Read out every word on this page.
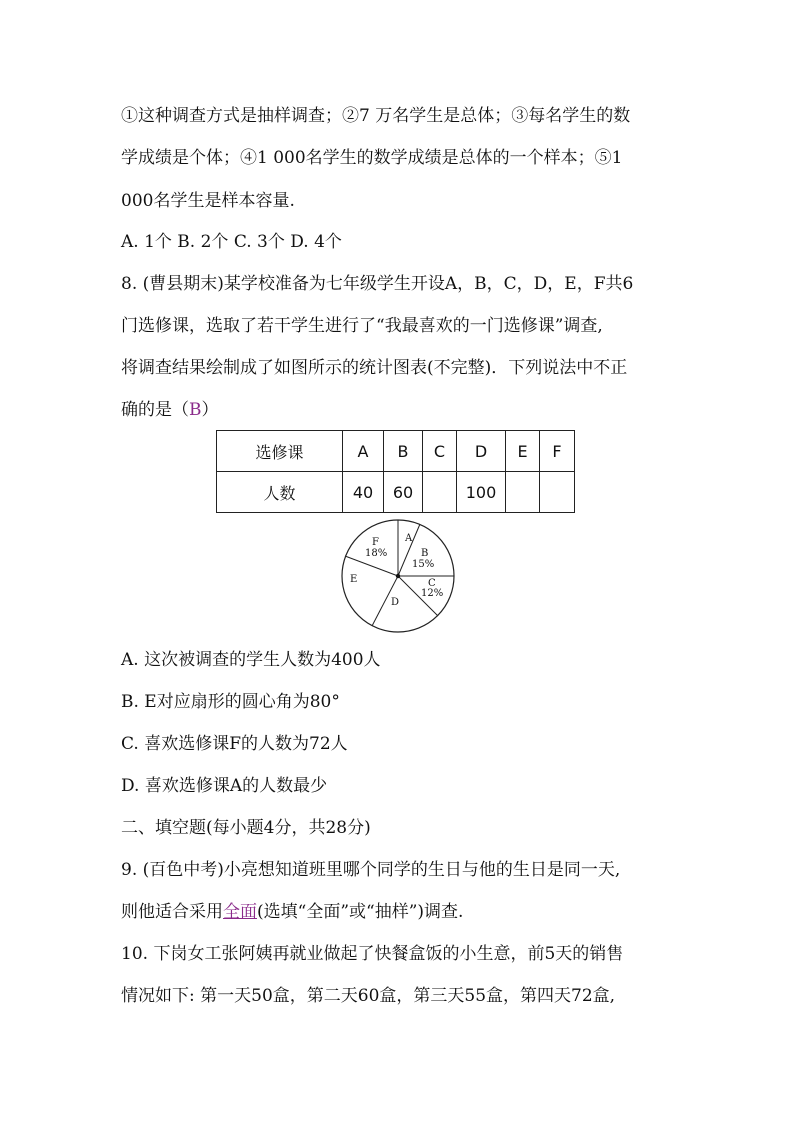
①这种调查方式是抽样调查；②7 万名学生是总体；③每名学生的数
学成绩是个体；④1 000名学生的数学成绩是总体的一个样本；⑤1
000名学生是样本容量.
A. 1个 B. 2个 C. 3个 D. 4个
8. (曹县期末)某学校准备为七年级学生开设A，B，C，D，E，F共6
门选修课，选取了若干学生进行了“我最喜欢的一门选修课”调查,
将调查结果绘制成了如图所示的统计图表(不完整)．下列说法中不正
确的是（B）
选修课	A	B	C	D	E	F
人数	40	60		100		
A
B
15%
C
12%
D
E
F
18%
A. 这次被调查的学生人数为400人
B. E对应扇形的圆心角为80°
C. 喜欢选修课F的人数为72人
D. 喜欢选修课A的人数最少
二、填空题(每小题4分，共28分)
9. (百色中考)小亮想知道班里哪个同学的生日与他的生日是同一天,
则他适合采用全面(选填“全面”或“抽样”)调查.
10. 下岗女工张阿姨再就业做起了快餐盒饭的小生意，前5天的销售
情况如下: 第一天50盒，第二天60盒，第三天55盒，第四天72盒,
